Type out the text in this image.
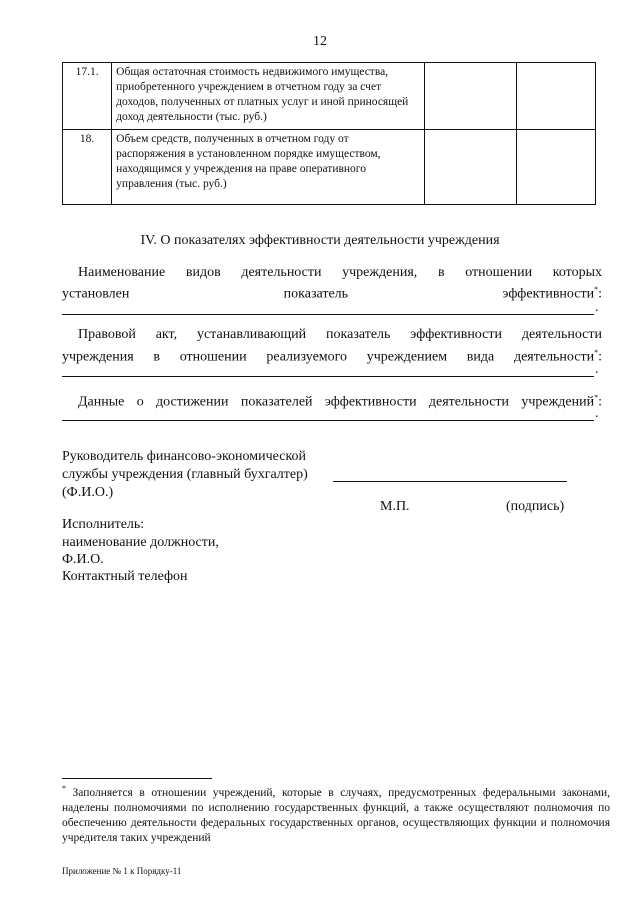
12
17.1.	Общая остаточная стоимость недвижимого имущества, приобретенного учреждением в отчетном году за счет доходов, полученных от платных услуг и иной приносящей доход деятельности (тыс. руб.)		
18.	Объем средств, полученных в отчетном году от распоряжения в установленном порядке имуществом, находящимся у учреждения на праве оперативного управления (тыс. руб.)		
IV. О показателях эффективности деятельности учреждения
Наименование видов деятельности учреждения, в отношении которых
установлен показатель эффективности*:
.
Правовой акт, устанавливающий показатель эффективности деятельности
учреждения в отношении реализуемого учреждением вида деятельности*:
.
Данные о достижении показателей эффективности деятельности учреждений*:
.
Руководитель финансово-экономической
службы учреждения (главный бухгалтер)
(Ф.И.О.)
М.П.	(подпись)
Исполнитель:
наименование должности,
Ф.И.О.
Контактный телефон
* Заполняется в отношении учреждений, которые в случаях, предусмотренных федеральными законами, наделены полномочиями по исполнению государственных функций, а также осуществляют полномочия по обеспечению деятельности федеральных государственных органов, осуществляющих функции и полномочия учредителя таких учреждений
Приложение № 1 к Порядку-11
